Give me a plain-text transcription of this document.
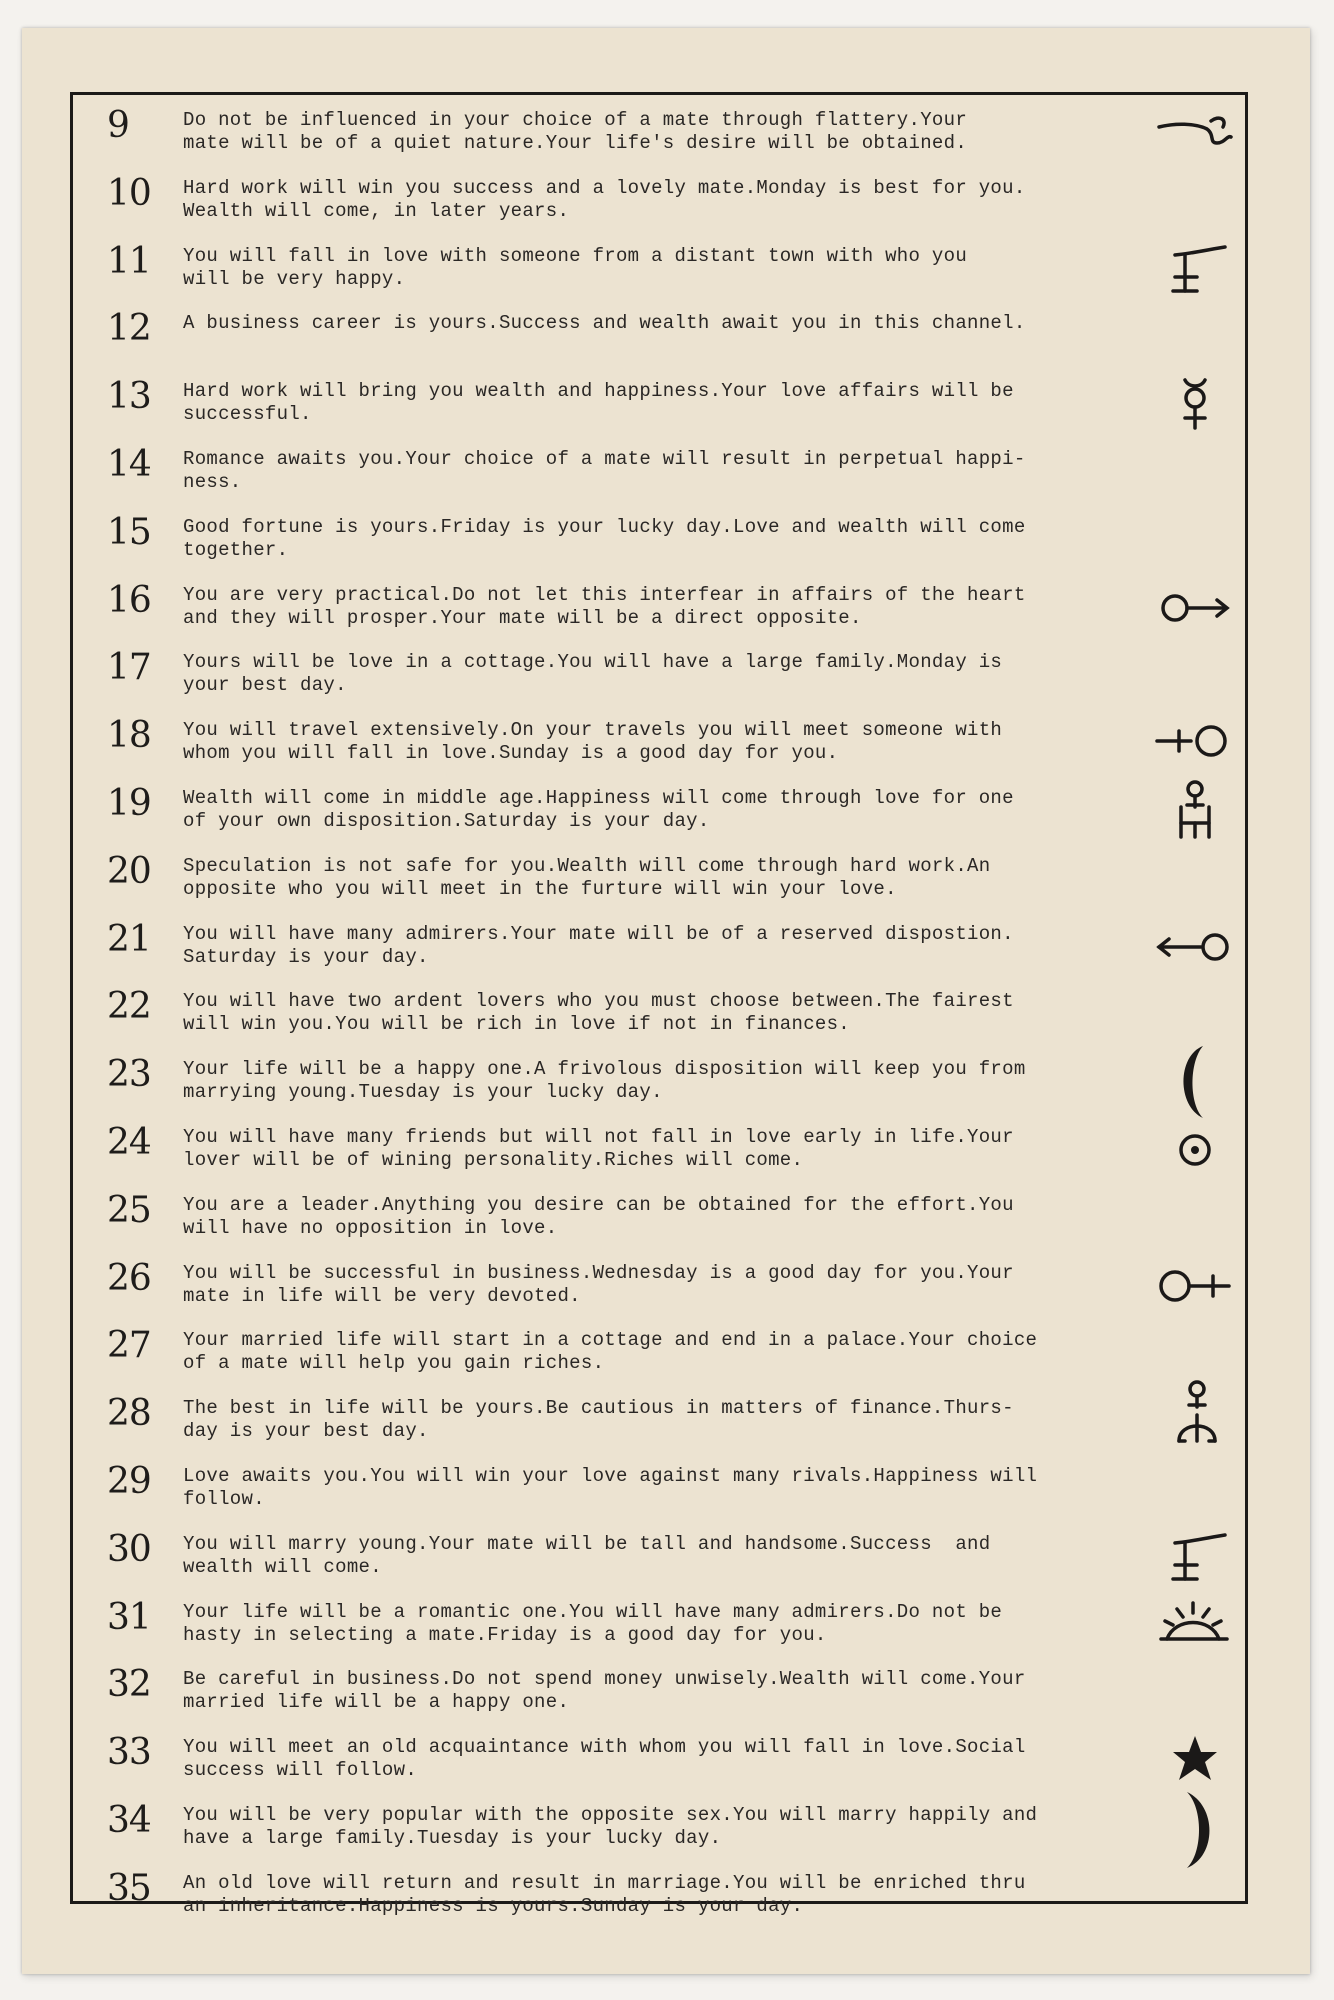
9	Do not be influenced in your choice of a mate through flattery.Your
mate will be of a quiet nature.Your life's desire will be obtained.
10 Hard work will win you success and a lovely mate.Monday is best for you.
Wealth will come, in later years.
11 You will fall in love with someone from a distant town with who you
will be very happy.
12 A business career is yours.Success and wealth await you in this channel.
13 Hard work will bring you wealth and happiness.Your love affairs will be
successful.
14 Romance awaits you.Your choice of a mate will result in perpetual happi-
ness.
15 Good fortune is yours.Friday is your lucky day.Love and wealth will come
together.
16 You are very practical.Do not let this interfear in affairs of the heart
and they will prosper.Your mate will be a direct opposite.
17 Yours will be love in a cottage.You will have a large family.Monday is
your best day.
18 You will travel extensively.On your travels you will meet someone with
whom you will fall in love.Sunday is a good day for you.
19 Wealth will come in middle age.Happiness will come through love for one
of your own disposition.Saturday is your day.
20 Speculation is not safe for you.Wealth will come through hard work.An
opposite who you will meet in the furture will win your love.
21 You will have many admirers.Your mate will be of a reserved dispostion.
Saturday is your day.
22 You will have two ardent lovers who you must choose between.The fairest
will win you.You will be rich in love if not in finances.
23 Your life will be a happy one.A frivolous disposition will keep you from
marrying young.Tuesday is your lucky day.
24 You will have many friends but will not fall in love early in life.Your
lover will be of wining personality.Riches will come.
25 You are a leader.Anything you desire can be obtained for the effort.You
will have no opposition in love.
26 You will be successful in business.Wednesday is a good day for you.Your
mate in life will be very devoted.
27 Your married life will start in a cottage and end in a palace.Your choice
of a mate will help you gain riches.
28 The best in life will be yours.Be cautious in matters of finance.Thurs-
day is your best day.
29 Love awaits you.You will win your love against many rivals.Happiness will
follow.
30 You will marry young.Your mate will be tall and handsome.Success  and
wealth will come.
31 Your life will be a romantic one.You will have many admirers.Do not be
hasty in selecting a mate.Friday is a good day for you.
32 Be careful in business.Do not spend money unwisely.Wealth will come.Your
married life will be a happy one.
33 You will meet an old acquaintance with whom you will fall in love.Social
success will follow.
34 You will be very popular with the opposite sex.You will marry happily and
have a large family.Tuesday is your lucky day.
35 An old love will return and result in marriage.You will be enriched thru
an inheritance.Happiness is yours.Sunday is your day.
